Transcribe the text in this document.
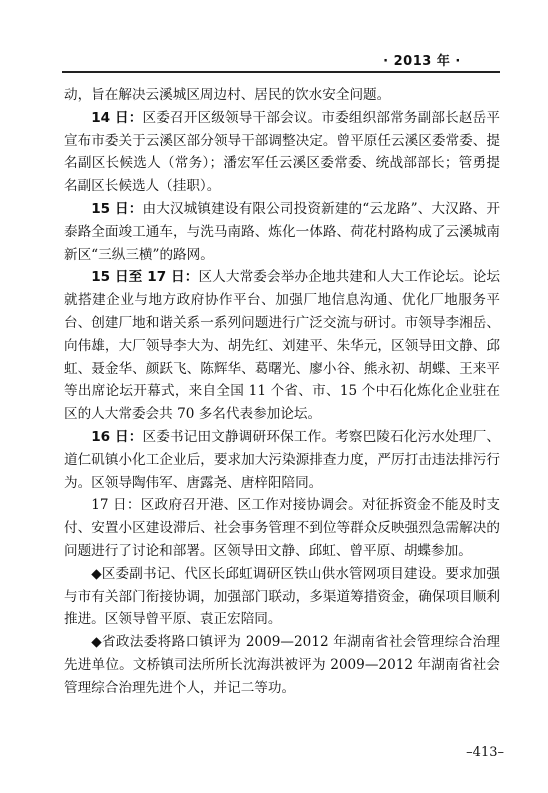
· 2013 年 ·

动，旨在解决云溪城区周边村、居民的饮水安全问题。

14 日：区委召开区级领导干部会议。市委组织部常务副部长赵岳平宣布市委关于云溪区部分领导干部调整决定。曾平原任云溪区委常委、提名副区长候选人（常务）；潘宏军任云溪区委常委、统战部部长；管勇提名副区长候选人（挂职）。

15 日：由大汉城镇建设有限公司投资新建的“云龙路”、大汉路、开泰路全面竣工通车，与洗马南路、炼化一体路、荷花村路构成了云溪城南新区“三纵三横”的路网。

15 日至 17 日：区人大常委会举办企地共建和人大工作论坛。论坛就搭建企业与地方政府协作平台、加强厂地信息沟通、优化厂地服务平台、创建厂地和谐关系一系列问题进行广泛交流与研讨。市领导李湘岳、向伟雄，大厂领导李大为、胡先红、刘建平、朱华元，区领导田文静、邱虹、聂金华、颜跃飞、陈辉华、葛曙光、廖小谷、熊永初、胡蝶、王来平等出席论坛开幕式，来自全国 11 个省、市、15 个中石化炼化企业驻在区的人大常委会共 70 多名代表参加论坛。

16 日：区委书记田文静调研环保工作。考察巴陵石化污水处理厂、道仁矶镇小化工企业后，要求加大污染源排查力度，严厉打击违法排污行为。区领导陶伟军、唐露尧、唐梓阳陪同。

17 日：区政府召开港、区工作对接协调会。对征拆资金不能及时支付、安置小区建设滞后、社会事务管理不到位等群众反映强烈急需解决的问题进行了讨论和部署。区领导田文静、邱虹、曾平原、胡蝶参加。

◆区委副书记、代区长邱虹调研区铁山供水管网项目建设。要求加强与市有关部门衔接协调，加强部门联动，多渠道筹措资金，确保项目顺利推进。区领导曾平原、袁正宏陪同。

◆省政法委将路口镇评为 2009—2012 年湖南省社会管理综合治理先进单位。文桥镇司法所所长沈海洪被评为 2009—2012 年湖南省社会管理综合治理先进个人，并记二等功。

–413–
